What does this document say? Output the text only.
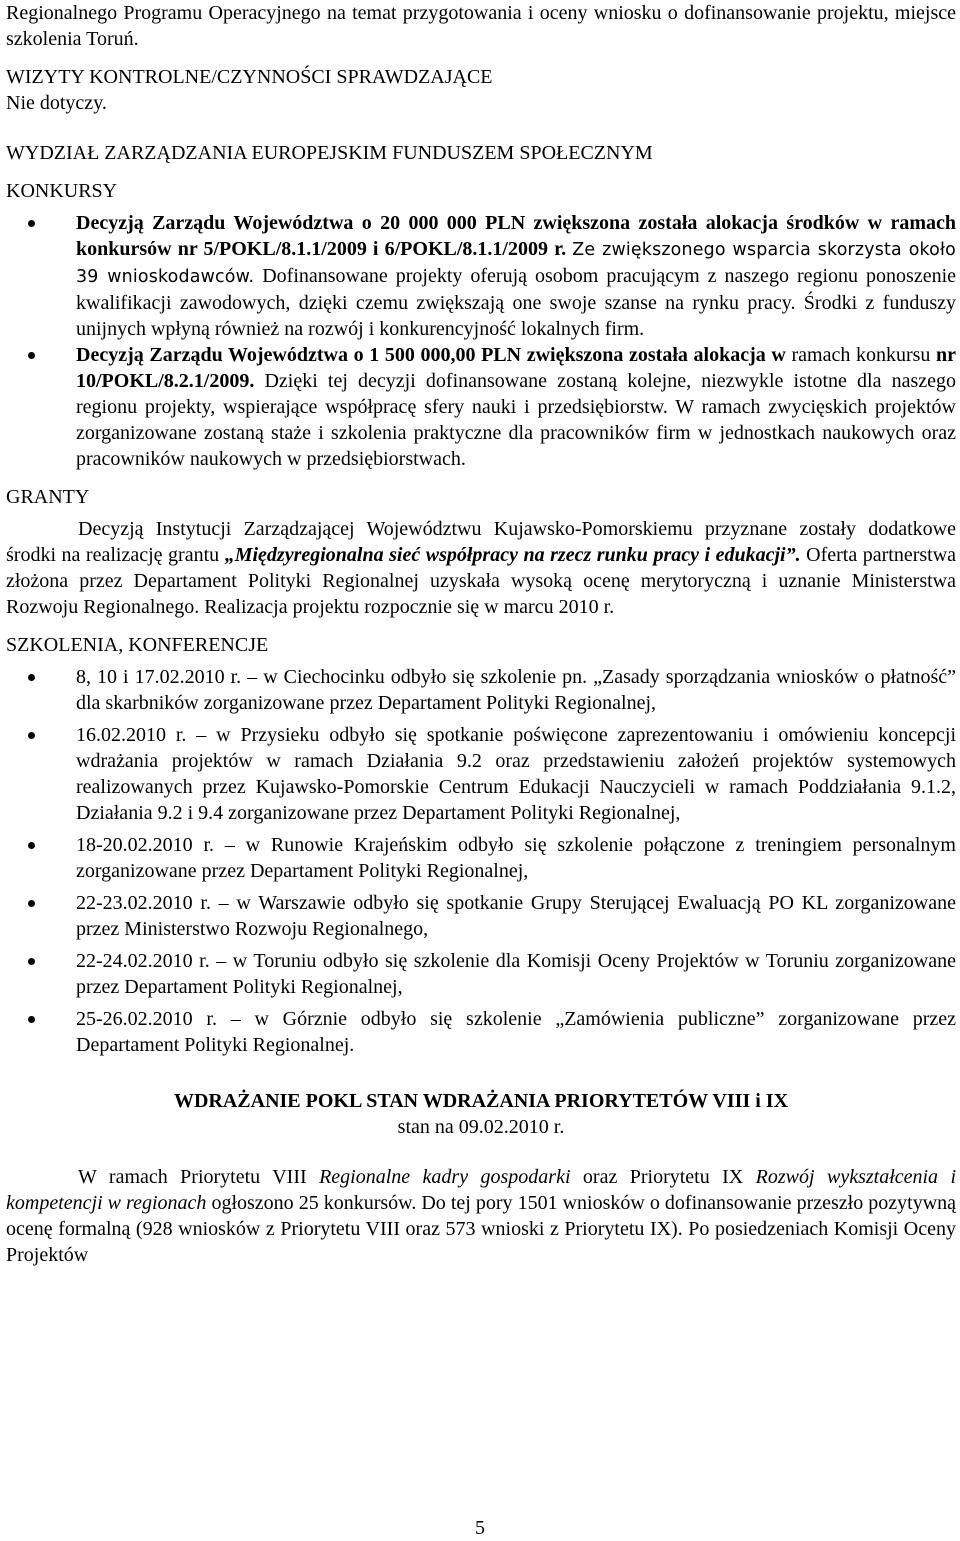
Regionalnego Programu Operacyjnego na temat przygotowania i oceny wniosku o dofinansowanie projektu, miejsce szkolenia Toruń.

WIZYTY KONTROLNE/CZYNNOŚCI SPRAWDZAJĄCE

Nie dotyczy.

WYDZIAŁ ZARZĄDZANIA EUROPEJSKIM FUNDUSZEM SPOŁECZNYM
KONKURSY
Decyzją Zarządu Województwa o 20 000 000 PLN zwiększona została alokacja środków w ramach konkursów nr 5/POKL/8.1.1/2009 i 6/POKL/8.1.1/2009 r. Ze zwiększonego wsparcia skorzysta około 39 wnioskodawców. Dofinansowane projekty oferują osobom pracującym z naszego regionu ponoszenie kwalifikacji zawodowych, dzięki czemu zwiększają one swoje szanse na rynku pracy. Środki z funduszy unijnych wpłyną również na rozwój i konkurencyjność lokalnych firm.
Decyzją Zarządu Województwa o 1 500 000,00 PLN zwiększona została alokacja w ramach konkursu nr 10/POKL/8.2.1/2009. Dzięki tej decyzji dofinansowane zostaną kolejne, niezwykle istotne dla naszego regionu projekty, wspierające współpracę sfery nauki i przedsiębiorstw. W ramach zwycięskich projektów zorganizowane zostaną staże i szkolenia praktyczne dla pracowników firm w jednostkach naukowych oraz pracowników naukowych w przedsiębiorstwach.
GRANTY

Decyzją Instytucji Zarządzającej Województwu Kujawsko-Pomorskiemu przyznane zostały dodatkowe środki na realizację grantu „Międzyregionalna sieć współpracy na rzecz runku pracy i edukacji”. Oferta partnerstwa złożona przez Departament Polityki Regionalnej uzyskała wysoką ocenę merytoryczną i uznanie Ministerstwa Rozwoju Regionalnego. Realizacja projektu rozpocznie się w marcu 2010 r.

SZKOLENIA, KONFERENCJE
8, 10 i 17.02.2010 r. – w Ciechocinku odbyło się szkolenie pn. „Zasady sporządzania wniosków o płatność” dla skarbników zorganizowane przez Departament Polityki Regionalnej,
16.02.2010 r. – w Przysieku odbyło się spotkanie poświęcone zaprezentowaniu i omówieniu koncepcji wdrażania projektów w ramach Działania 9.2 oraz przedstawieniu założeń projektów systemowych realizowanych przez Kujawsko-Pomorskie Centrum Edukacji Nauczycieli w ramach Poddziałania 9.1.2, Działania 9.2 i 9.4 zorganizowane przez Departament Polityki Regionalnej,
18-20.02.2010 r. – w Runowie Krajeńskim odbyło się szkolenie połączone z treningiem personalnym zorganizowane przez Departament Polityki Regionalnej,
22-23.02.2010 r. – w Warszawie odbyło się spotkanie Grupy Sterującej Ewaluacją PO KL zorganizowane przez Ministerstwo Rozwoju Regionalnego,
22-24.02.2010 r. – w Toruniu odbyło się szkolenie dla Komisji Oceny Projektów w Toruniu zorganizowane przez Departament Polityki Regionalnej,
25-26.02.2010 r. – w Górznie odbyło się szkolenie „Zamówienia publiczne” zorganizowane przez Departament Polityki Regionalnej.
WDRAŻANIE POKL STAN WDRAŻANIA PRIORYTETÓW VIII i IX
stan na 09.02.2010 r.

W ramach Priorytetu VIII Regionalne kadry gospodarki oraz Priorytetu IX Rozwój wykształcenia i kompetencji w regionach ogłoszono 25 konkursów. Do tej pory 1501 wniosków o dofinansowanie przeszło pozytywną ocenę formalną (928 wniosków z Priorytetu VIII oraz 573 wnioski z Priorytetu IX). Po posiedzeniach Komisji Oceny Projektów

5
